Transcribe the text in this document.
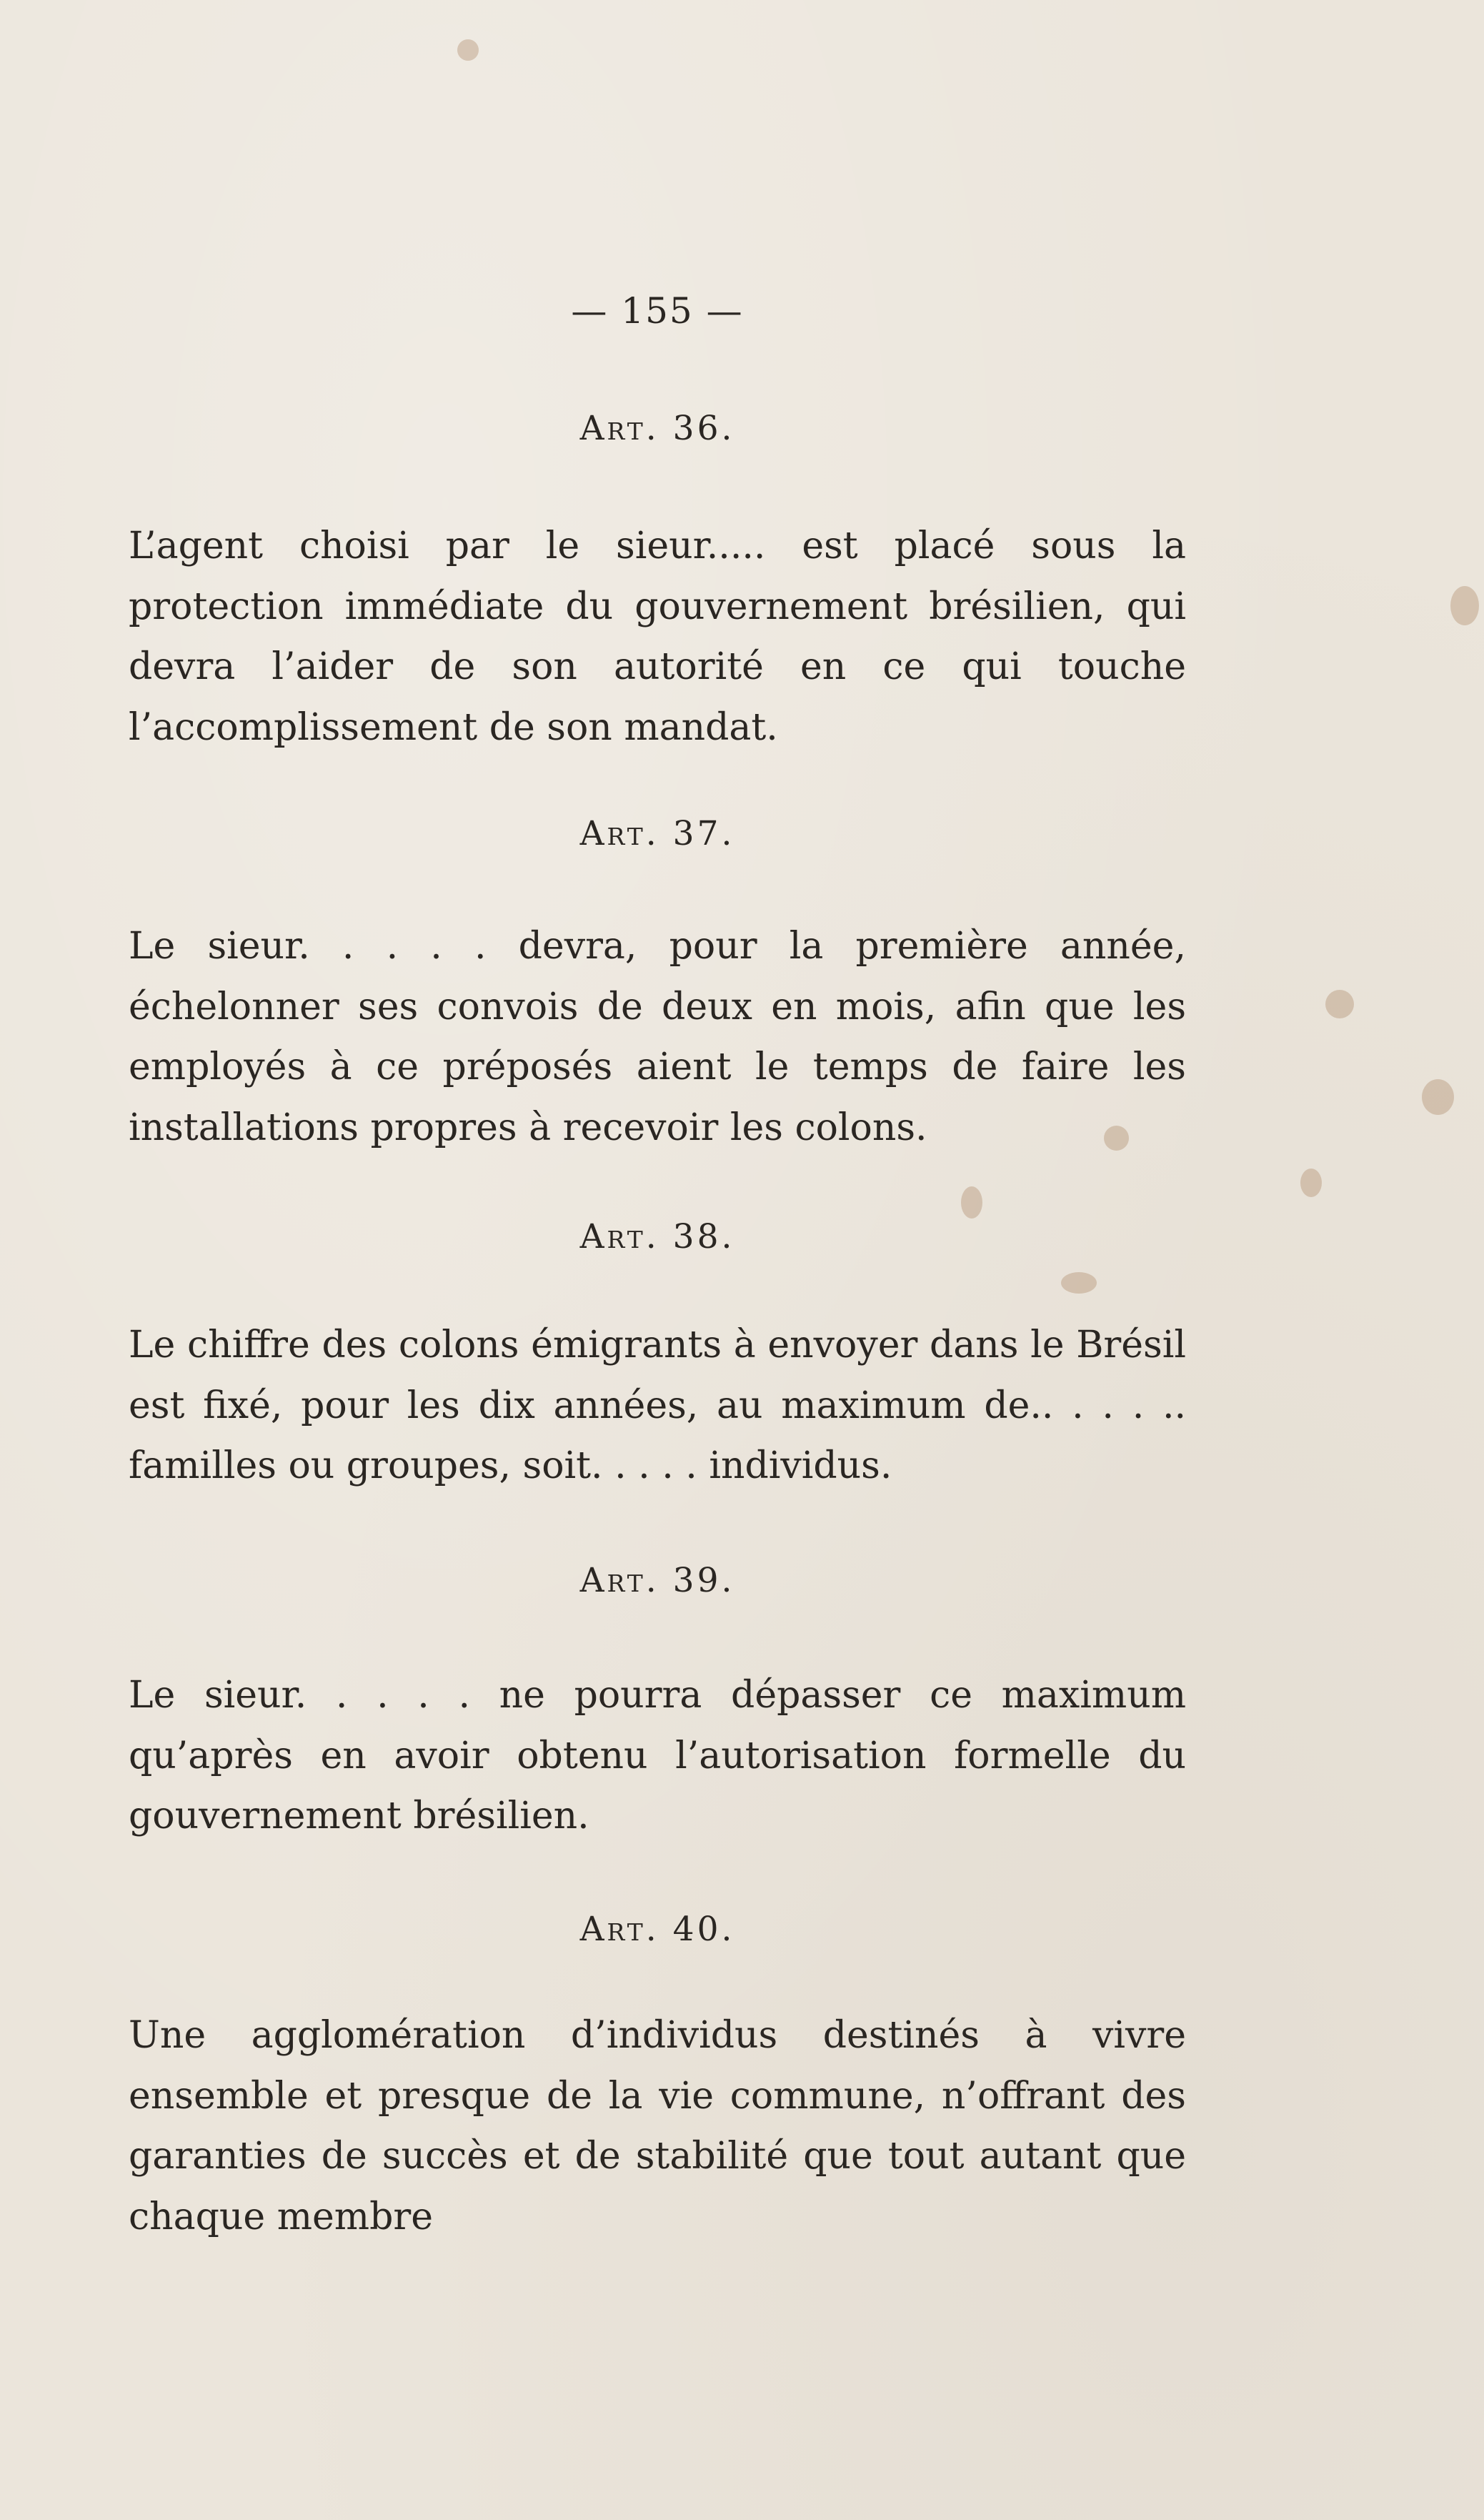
— 155 —
Art. 36.
L’agent choisi par le sieur..... est placé sous la protection immédiate du gouvernement brésilien, qui devra l’aider de son autorité en ce qui touche l’accomplissement de son mandat.
Art. 37.
Le sieur. . . . . devra, pour la première année, échelonner ses convois de deux en mois, afin que les employés à ce préposés aient le temps de faire les installations propres à recevoir les colons.
Art. 38.
Le chiffre des colons émigrants à envoyer dans le Brésil est fixé, pour les dix années, au maximum de.. . . . .. familles ou groupes, soit. . . . . individus.
Art. 39.
Le sieur. . . . . ne pourra dépasser ce maximum qu’après en avoir obtenu l’autorisation formelle du gouvernement brésilien.
Art. 40.
Une agglomération d’individus destinés à vivre ensemble et presque de la vie commune, n’offrant des garanties de succès et de stabilité que tout autant que chaque membre
